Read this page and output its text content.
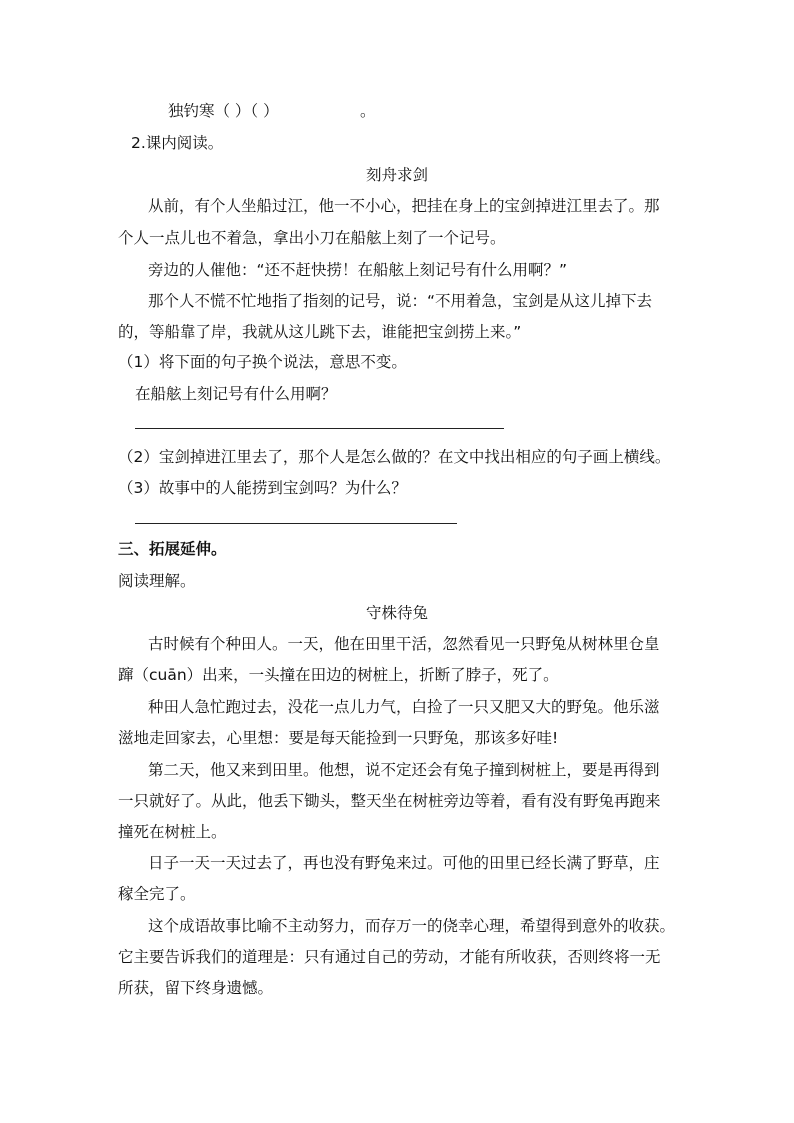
独钓寒（ ）（ ）	。
2.课内阅读。
刻舟求剑
从前，有个人坐船过江，他一不小心，把挂在身上的宝剑掉进江里去了。那
个人一点儿也不着急，拿出小刀在船舷上刻了一个记号。
旁边的人催他：“还不赶快捞！在船舷上刻记号有什么用啊？”
那个人不慌不忙地指了指刻的记号，说：“不用着急，宝剑是从这儿掉下去
的，等船靠了岸，我就从这儿跳下去，谁能把宝剑捞上来。”
（1）将下面的句子换个说法，意思不变。
在船舷上刻记号有什么用啊？
（2）宝剑掉进江里去了，那个人是怎么做的？在文中找出相应的句子画上横线。
（3）故事中的人能捞到宝剑吗？为什么？
三、拓展延伸。
阅读理解。
守株待兔
古时候有个种田人。一天，他在田里干活，忽然看见一只野兔从树林里仓皇
蹿（cuān）出来，一头撞在田边的树桩上，折断了脖子，死了。
种田人急忙跑过去，没花一点儿力气，白捡了一只又肥又大的野兔。他乐滋
滋地走回家去，心里想：要是每天能捡到一只野兔，那该多好哇!
第二天，他又来到田里。他想，说不定还会有兔子撞到树桩上，要是再得到
一只就好了。从此，他丢下锄头，整天坐在树桩旁边等着，看有没有野兔再跑来
撞死在树桩上。
日子一天一天过去了，再也没有野兔来过。可他的田里已经长满了野草，庄
稼全完了。
这个成语故事比喻不主动努力，而存万一的侥幸心理，希望得到意外的收获。
它主要告诉我们的道理是：只有通过自己的劳动，才能有所收获，否则终将一无
所获，留下终身遗憾。
